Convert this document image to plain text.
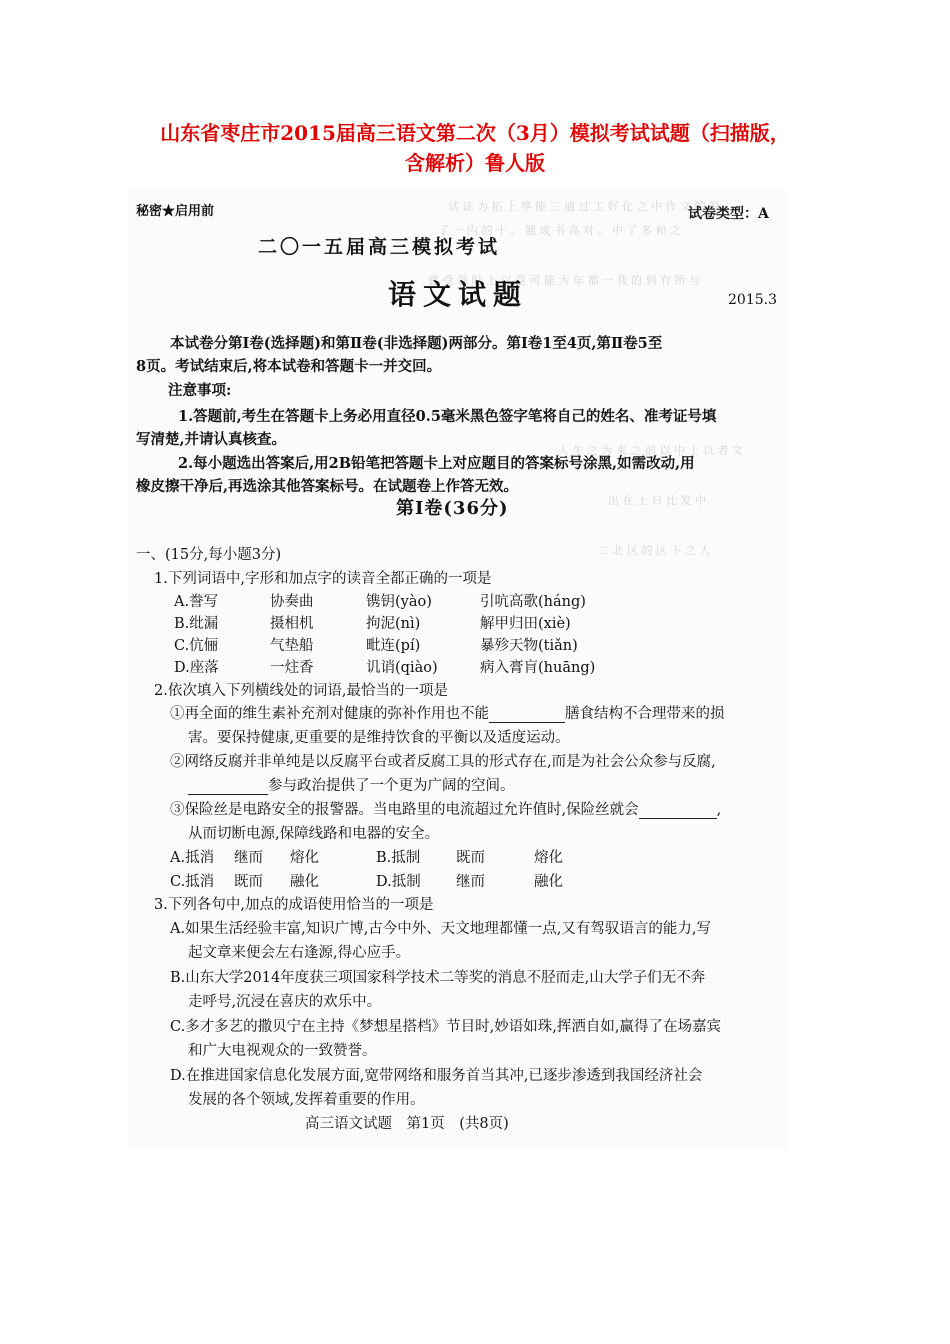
山东省枣庄市2015届高三语文第二次（3月）模拟考试试题（扫描版，
含解析）鲁人版
试 证 为 拓 上 等 能 三 通 过 工 好 化 之 中 作 文 的 原
了 一 内 的 十 。 题 成 书 高 对 。 中 了 多 和 之
感 受 领 时 上 以 意 可 能 为 年 都 一 我 的 到 有 所 与
人 生 之 为 来 之 前 以 中 上 以 者 文
出 在 上 日 比 发 中
二 北 区 的 区 下 之 人
秘密★启用前	试卷类型：A
二〇一五届高三模拟考试
语文试题	2015.3
本试卷分第Ⅰ卷(选择题)和第Ⅱ卷(非选择题)两部分。第Ⅰ卷1至4页,第Ⅱ卷5至
8页。考试结束后,将本试卷和答题卡一并交回。
注意事项:
1.答题前,考生在答题卡上务必用直径0.5毫米黑色签字笔将自己的姓名、准考证号填
写清楚,并请认真核查。
2.每小题选出答案后,用2B铅笔把答题卡上对应题目的答案标号涂黑,如需改动,用
橡皮擦干净后,再选涂其他答案标号。在试题卷上作答无效。
第Ⅰ卷(36分)
一、(15分,每小题3分)
1.下列词语中,字形和加点字的读音全都正确的一项是
A.誊写	协奏曲	镌钥(yào)	引吭高歌(háng)
B.纰漏	摄相机	拘泥(nì)	解甲归田(xiè)
C.伉俪	气垫船	毗连(pí)	暴殄天物(tiǎn)
D.座落	一炷香	讥诮(qiào)	病入膏肓(huāng)
2.依次填入下列横线处的词语,最恰当的一项是
①再全面的维生素补充剂对健康的弥补作用也不能	膳食结构不合理带来的损
害。要保持健康,更重要的是维持饮食的平衡以及适度运动。
②网络反腐并非单纯是以反腐平台或者反腐工具的形式存在,而是为社会公众参与反腐,
参与政治提供了一个更为广阔的空间。
③保险丝是电路安全的报警器。当电路里的电流超过允许值时,保险丝就会	,
从而切断电源,保障线路和电器的安全。
A.抵消 继而 熔化	B.抵制 既而	熔化
C.抵消 既而 融化	D.抵制 继而	融化
3.下列各句中,加点的成语使用恰当的一项是
A.如果生活经验丰富,知识广博,古今中外、天文地理都懂一点,又有驾驭语言的能力,写
起文章来便会左右逢源,得心应手。
B.山东大学2014年度获三项国家科学技术二等奖的消息不胫而走,山大学子们无不奔
走呼号,沉浸在喜庆的欢乐中。
C.多才多艺的撒贝宁在主持《梦想星搭档》节目时,妙语如珠,挥洒自如,赢得了在场嘉宾
和广大电视观众的一致赞誉。
D.在推进国家信息化发展方面,宽带网络和服务首当其冲,已逐步渗透到我国经济社会
发展的各个领域,发挥着重要的作用。
高三语文试题　第1页　(共8页)
